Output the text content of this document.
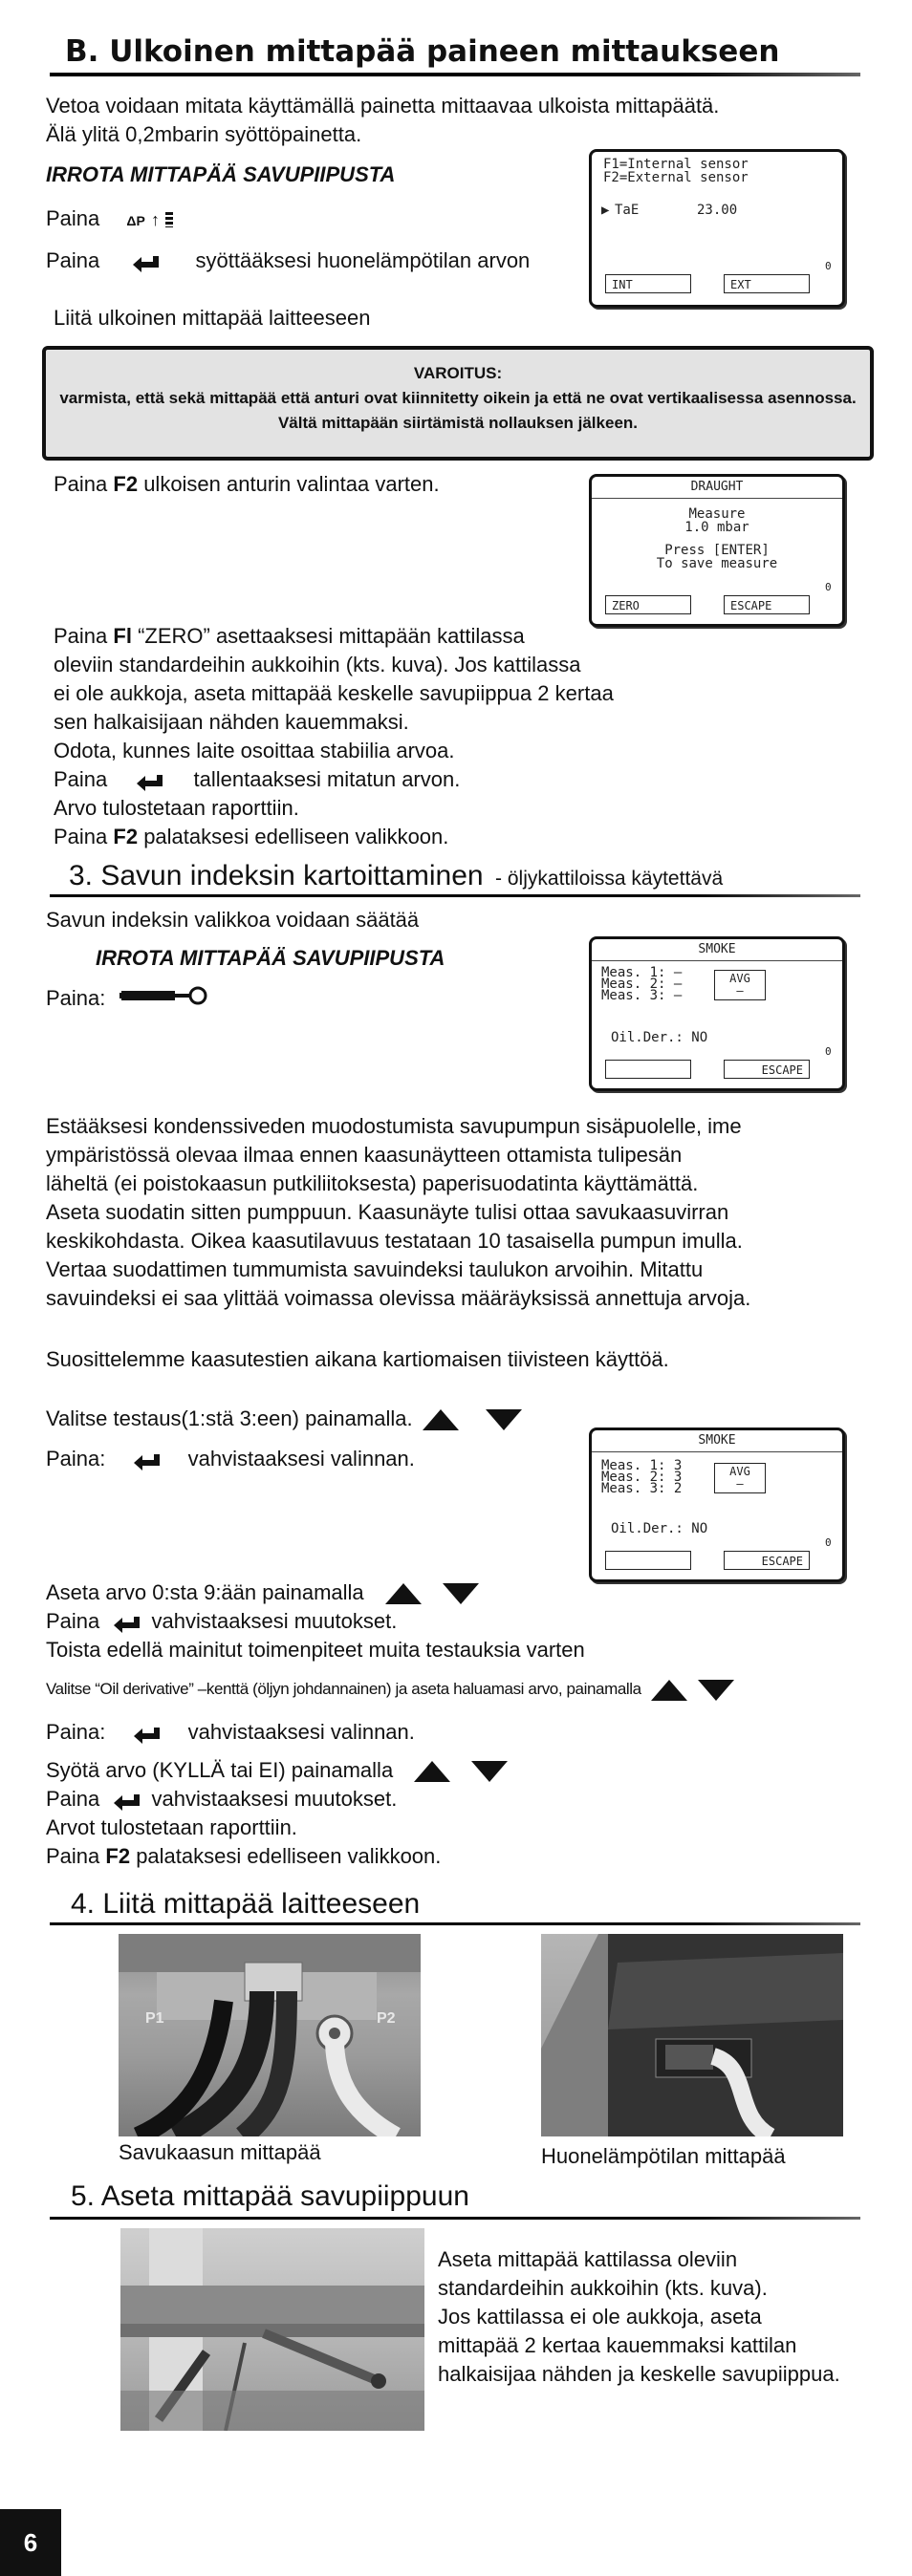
B. Ulkoinen mittapää paineen mittaukseen
Vetoa voidaan mitata käyttämällä painetta mittaavaa ulkoista mittapäätä.
Älä ylitä 0,2mbarin syöttöpainetta.
IRROTA MITTAPÄÄ SAVUPIIPUSTA
Paina ΔP ↑
Paina	syöttääksesi huonelämpötilan arvon
Liitä ulkoinen mittapää laitteeseen
F1=Internal sensor
F2=External sensor
▶ TaE	23.00
INT	EXT
0
VAROITUS:
varmista, että sekä mittapää että anturi ovat kiinnitetty oikein ja että ne ovat vertikaalisessa asennossa.
Vältä mittapään siirtämistä nollauksen jälkeen.
Paina F2 ulkoisen anturin valintaa varten.	DRAUGHT
Measure
1.0 mbar
Press [ENTER]
To save measure
ZERO	ESCAPE
0
Paina Fl “ZERO” asettaaksesi mittapään kattilassa
oleviin standardeihin aukkoihin (kts. kuva). Jos kattilassa
ei ole aukkoja, aseta mittapää keskelle savupiippua 2 kertaa
sen halkaisijaan nähden kauemmaksi.
Odota, kunnes laite osoittaa stabiilia arvoa.
Paina	tallentaaksesi mitatun arvon.
Arvo tulostetaan raporttiin.
Paina F2 palataksesi edelliseen valikkoon.
3. Savun indeksin kartoittaminen - öljykattiloissa käytettävä
Savun indeksin valikkoa voidaan säätää
IRROTA MITTAPÄÄ SAVUPIIPUSTA
Paina:
SMOKE
Meas. 1: –
Meas. 2: –
Meas. 3: –
AVG
–
Oil.Der.: NO
ESCAPE
0
Estääksesi kondenssiveden muodostumista savupumpun sisäpuolelle, ime
ympäristössä olevaa ilmaa ennen kaasunäytteen ottamista tulipesän
läheltä (ei poistokaasun putkiliitoksesta) paperisuodatinta käyttämättä.
Aseta suodatin sitten pumppuun. Kaasunäyte tulisi ottaa savukaasuvirran
keskikohdasta. Oikea kaasutilavuus testataan 10 tasaisella pumpun imulla.
Vertaa suodattimen tummumista savuindeksi taulukon arvoihin. Mitattu
savuindeksi ei saa ylittää voimassa olevissa määräyksissä annettuja arvoja.
Suosittelemme kaasutestien aikana kartiomaisen tiivisteen käyttöä.
Valitse testaus(1:stä 3:een) painamalla.
Paina:	vahvistaaksesi valinnan.
SMOKE
Meas. 1: 3
Meas. 2: 3
Meas. 3: 2
AVG
–
Oil.Der.: NO
ESCAPE
0
Aseta arvo 0:sta 9:ään painamalla
Paina vahvistaaksesi muutokset.
Toista edellä mainitut toimenpiteet muita testauksia varten
Valitse “Oil derivative” –kenttä (öljyn johdannainen) ja aseta haluamasi arvo, painamalla
Paina:	vahvistaaksesi valinnan.
Syötä arvo (KYLLÄ tai EI) painamalla
Paina vahvistaaksesi muutokset.
Arvot tulostetaan raporttiin.
Paina F2 palataksesi edelliseen valikkoon.
4. Liitä mittapää laitteeseen
P1	P2
Savukaasun mittapää	Huonelämpötilan mittapää
5. Aseta mittapää savupiippuun
Aseta mittapää kattilassa oleviin
standardeihin aukkoihin (kts. kuva).
Jos kattilassa ei ole aukkoja, aseta
mittapää 2 kertaa kauemmaksi kattilan
halkaisijaa nähden ja keskelle savupiippua.
6
